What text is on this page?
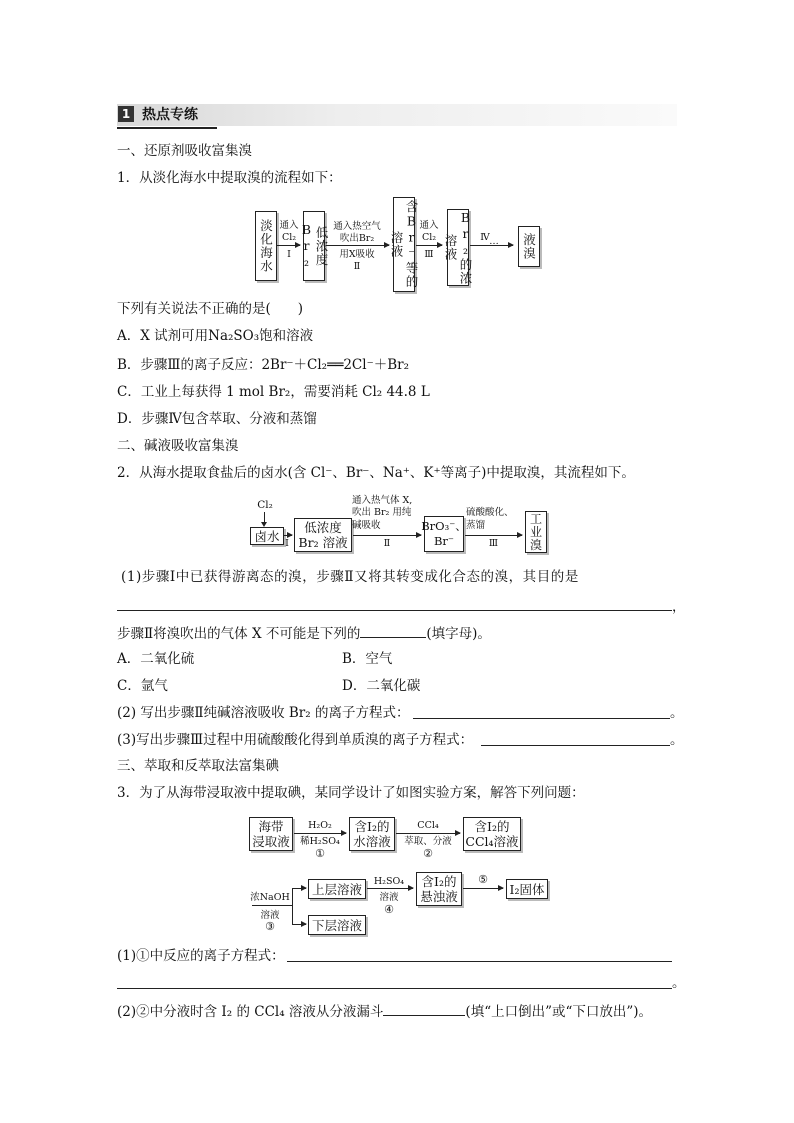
1 热点专练
一、还原剂吸收富集溴
1．从淡化海水中提取溴的流程如下：
淡化海水 通入
Cl₂
Ⅰ	低浓度Br₂	通入热空气
吹出Br₂
用X吸收
Ⅱ	含Br⁻等的溶液
通入
Cl₂
Ⅲ	Br₂的浓溶液	Ⅳ …	液溴
下列有关说法不正确的是(　　)
A．X 试剂可用Na₂SO₃饱和溶液
B．步骤Ⅲ的离子反应：2Br⁻＋Cl₂══2Cl⁻＋Br₂
C．工业上每获得 1 mol Br₂，需要消耗 Cl₂ 44.8 L
D．步骤Ⅳ包含萃取、分液和蒸馏
二、碱液吸收富集溴
2．从海水提取食盐后的卤水(含 Cl⁻、Br⁻、Na⁺、K⁺等离子)中提取溴，其流程如下。
Cl₂
卤水 Ⅰ
低浓度
Br₂ 溶液
通入热气体 X,
吹出 Br₂ 用纯
碱吸收
Ⅱ
BrO₃⁻、
Br⁻
硫酸酸化、
蒸馏
Ⅲ
工
业
溴
(1)步骤Ⅰ中已获得游离态的溴，步骤Ⅱ又将其转变成化合态的溴，其目的是
，
步骤Ⅱ将溴吹出的气体 X 不可能是下列的	(填字母)。
A．二氧化硫	B．空气
C．氩气	D．二氧化碳
(2) 写出步骤Ⅱ纯碱溶液吸收 Br₂ 的离子方程式：	。
(3)写出步骤Ⅲ过程中用硫酸酸化得到单质溴的离子方程式：	。
三、萃取和反萃取法富集碘
3．为了从海带浸取液中提取碘，某同学设计了如图实验方案，解答下列问题：
海带
浸取液
H₂O₂
稀H₂SO₄
①
含I₂的
水溶液
CCl₄
萃取、分液
②
含I₂的
CCl₄溶液
浓NaOH
溶液
③
上层溶液
下层溶液
H₂SO₄
溶液
④
含I₂的
悬浊液
⑤
I₂固体
(1)①中反应的离子方程式：
。
(2)②中分液时含 I₂ 的 CCl₄ 溶液从分液漏斗	(填“上口倒出”或“下口放出”)。
